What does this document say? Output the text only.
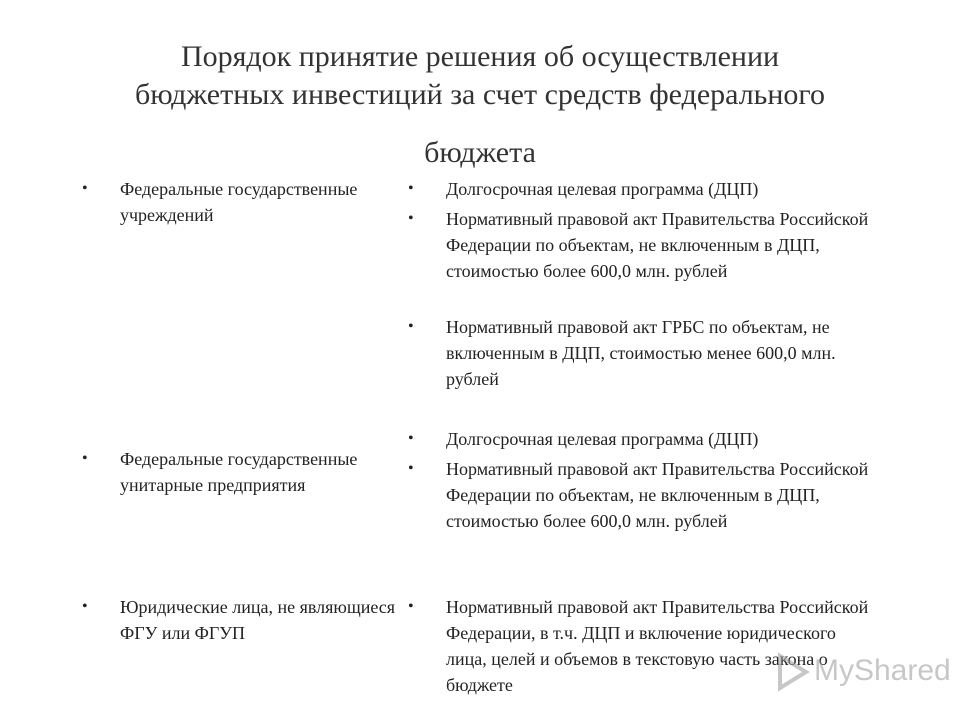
Порядок принятие решения об осуществлении
бюджетных инвестиций за счет средств федерального
бюджета
• Федеральные государственные учреждений
• Федеральные государственные унитарные предприятия
• Юридические лица, не являющиеся ФГУ или ФГУП
• Долгосрочная целевая программа (ДЦП)
• Нормативный правовой акт Правительства Российской Федерации по объектам, не включенным в ДЦП, стоимостью более 600,0 млн. рублей
• Нормативный правовой акт ГРБС по объектам, не включенным в ДЦП, стоимостью менее 600,0 млн. рублей
• Долгосрочная целевая программа (ДЦП)
• Нормативный правовой акт Правительства Российской Федерации по объектам, не включенным в ДЦП, стоимостью более 600,0 млн. рублей
• Нормативный правовой акт Правительства Российской Федерации, в т.ч. ДЦП и включение юридического лица, целей и объемов в текстовую часть закона о бюджете	MyShared
